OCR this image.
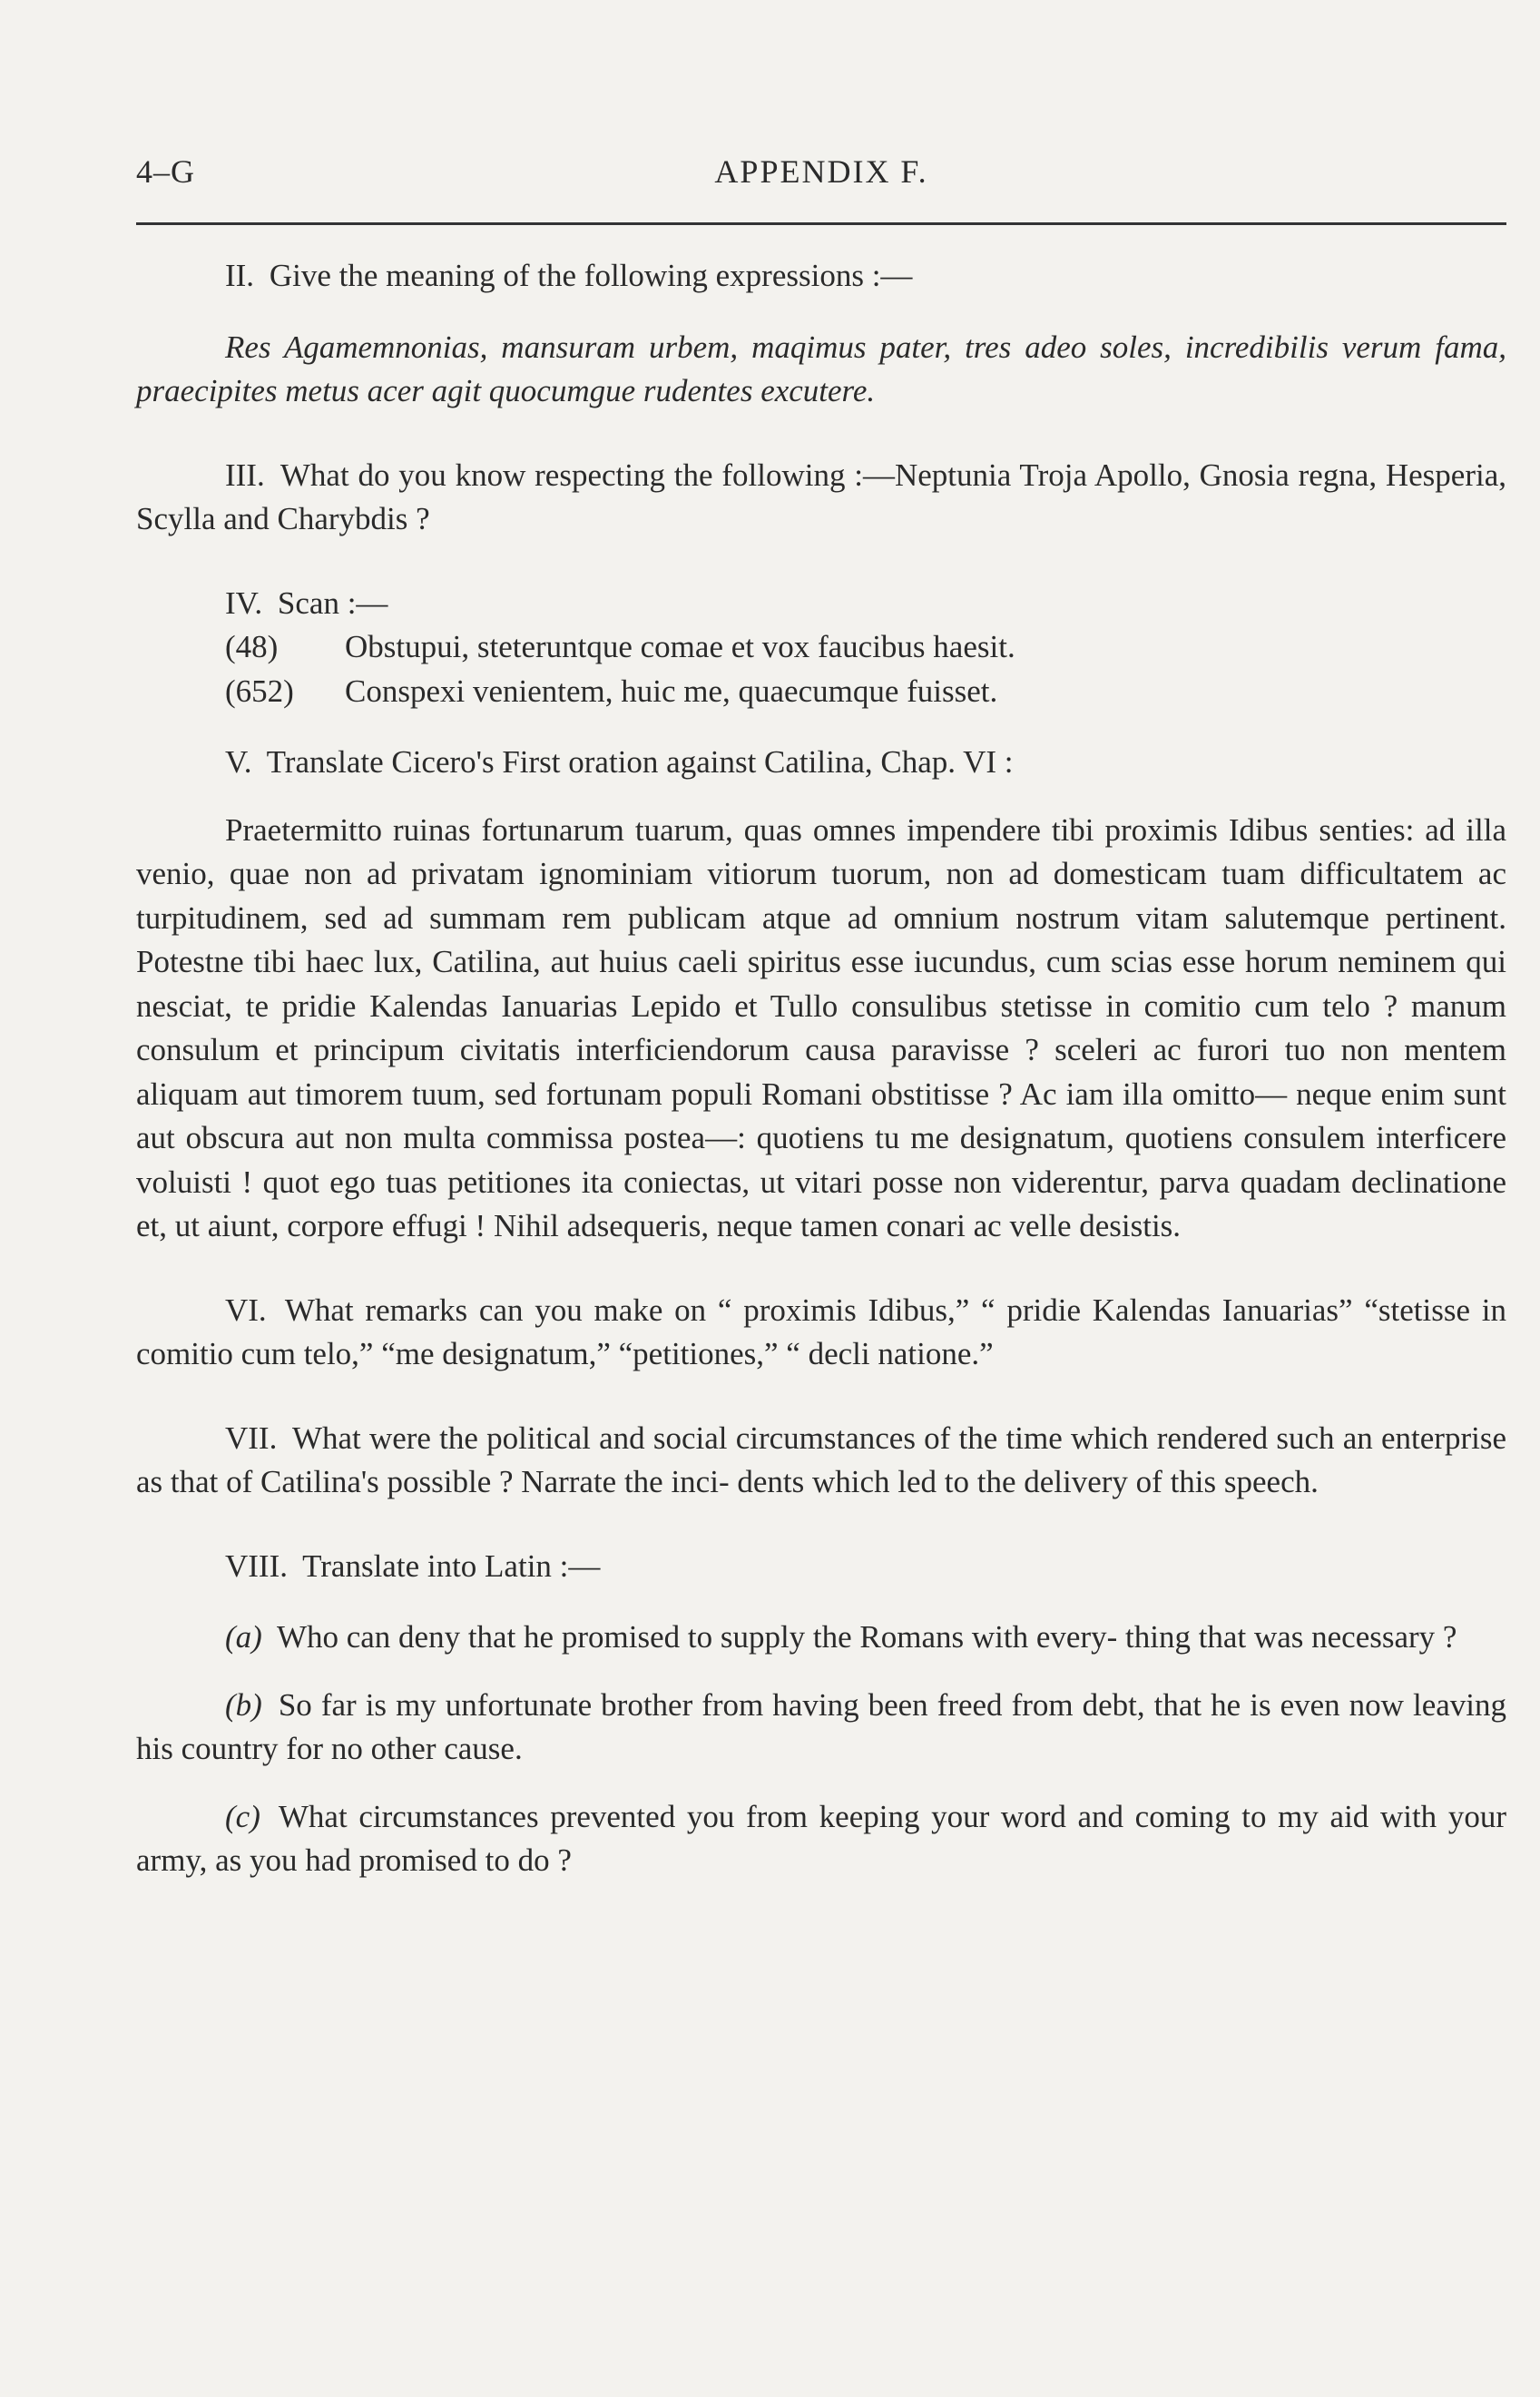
4–G	APPENDIX F.

II. Give the meaning of the following expressions :—

Res Agamemnonias, mansuram urbem, maqimus pater, tres adeo soles, incredibilis verum fama, praecipites metus acer agit quocumgue rudentes excutere.

III. What do you know respecting the following :—Neptunia Troja Apollo, Gnosia regna, Hesperia, Scylla and Charybdis ?

IV. Scan :—

(48) Obstupui, steteruntque comae et vox faucibus haesit.

(652) Conspexi venientem, huic me, quaecumque fuisset.

V. Translate Cicero's First oration against Catilina, Chap. VI :

Praetermitto ruinas fortunarum tuarum, quas omnes impendere tibi proximis Idibus senties: ad illa venio, quae non ad privatam ignominiam vitiorum tuorum, non ad domesticam tuam difficultatem ac turpitudinem, sed ad summam rem publicam atque ad omnium nostrum vitam salutemque pertinent. Potestne tibi haec lux, Catilina, aut huius caeli spiritus esse iucundus, cum scias esse horum neminem qui nesciat, te pridie Kalendas Ianuarias Lepido et Tullo consulibus stetisse in comitio cum telo ? manum consulum et principum civitatis interficiendorum causa paravisse ? sceleri ac furori tuo non mentem aliquam aut timorem tuum, sed fortunam populi Romani obstitisse ? Ac iam illa omitto— neque enim sunt aut obscura aut non multa commissa postea—: quotiens tu me designatum, quotiens consulem interficere voluisti ! quot ego tuas petitiones ita coniectas, ut vitari posse non viderentur, parva quadam declinatione et, ut aiunt, corpore effugi ! Nihil adsequeris, neque tamen conari ac velle desistis.

VI. What remarks can you make on “ proximis Idibus,” “ pridie Kalendas Ianuarias” “stetisse in comitio cum telo,” “me designatum,” “petitiones,” “ decli natione.”

VII. What were the political and social circumstances of the time which rendered such an enterprise as that of Catilina's possible ? Narrate the inci- dents which led to the delivery of this speech.

VIII. Translate into Latin :—

(a) Who can deny that he promised to supply the Romans with every- thing that was necessary ?

(b) So far is my unfortunate brother from having been freed from debt, that he is even now leaving his country for no other cause.

(c) What circumstances prevented you from keeping your word and coming to my aid with your army, as you had promised to do ?
